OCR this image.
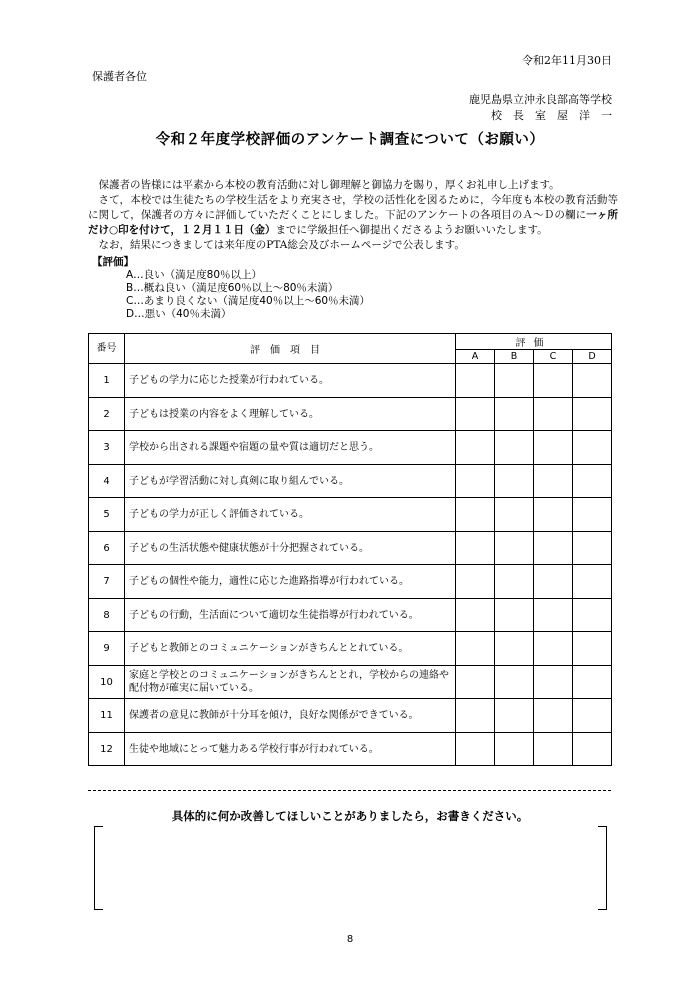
令和2年11月30日
保護者各位
鹿児島県立沖永良部高等学校
校　長　室　屋　洋　一
令和２年度学校評価のアンケート調査について（お願い）

保護者の皆様には平素から本校の教育活動に対し御理解と御協力を賜り，厚くお礼申し上げます。

さて，本校では生徒たちの学校生活をより充実させ，学校の活性化を図るために，今年度も本校の教育活動等に関して，保護者の方々に評価していただくことにしました。下記のアンケートの各項目のＡ～Ｄの欄に一ヶ所だけ○印を付けて，１２月１１日（金）までに学級担任へ御提出くださるようお願いいたします。

なお，結果につきましては来年度のPTA総会及びホームページで公表します。

【評価】
A…良い（満足度80％以上）
B…概ね良い（満足度60％以上～80％未満）
C…あまり良くない（満足度40％以上～60％未満）
D…悪い（40％未満）
番号	評価項目	評価			
		A	B	C	D
1	子どもの学力に応じた授業が行われている。				
2	子どもは授業の内容をよく理解している。				
3	学校から出される課題や宿題の量や質は適切だと思う。				
4	子どもが学習活動に対し真剣に取り組んでいる。				
5	子どもの学力が正しく評価されている。				
6	子どもの生活状態や健康状態が十分把握されている。				
7	子どもの個性や能力，適性に応じた進路指導が行われている。				
8	子どもの行動，生活面について適切な生徒指導が行われている。				
9	子どもと教師とのコミュニケーションがきちんととれている。				
10	家庭と学校とのコミュニケーションがきちんととれ，学校からの連絡や配付物が確実に届いている。				
11	保護者の意見に教師が十分耳を傾け，良好な関係ができている。				
12	生徒や地域にとって魅力ある学校行事が行われている。				
具体的に何か改善してほしいことがありましたら，お書きください。
8
